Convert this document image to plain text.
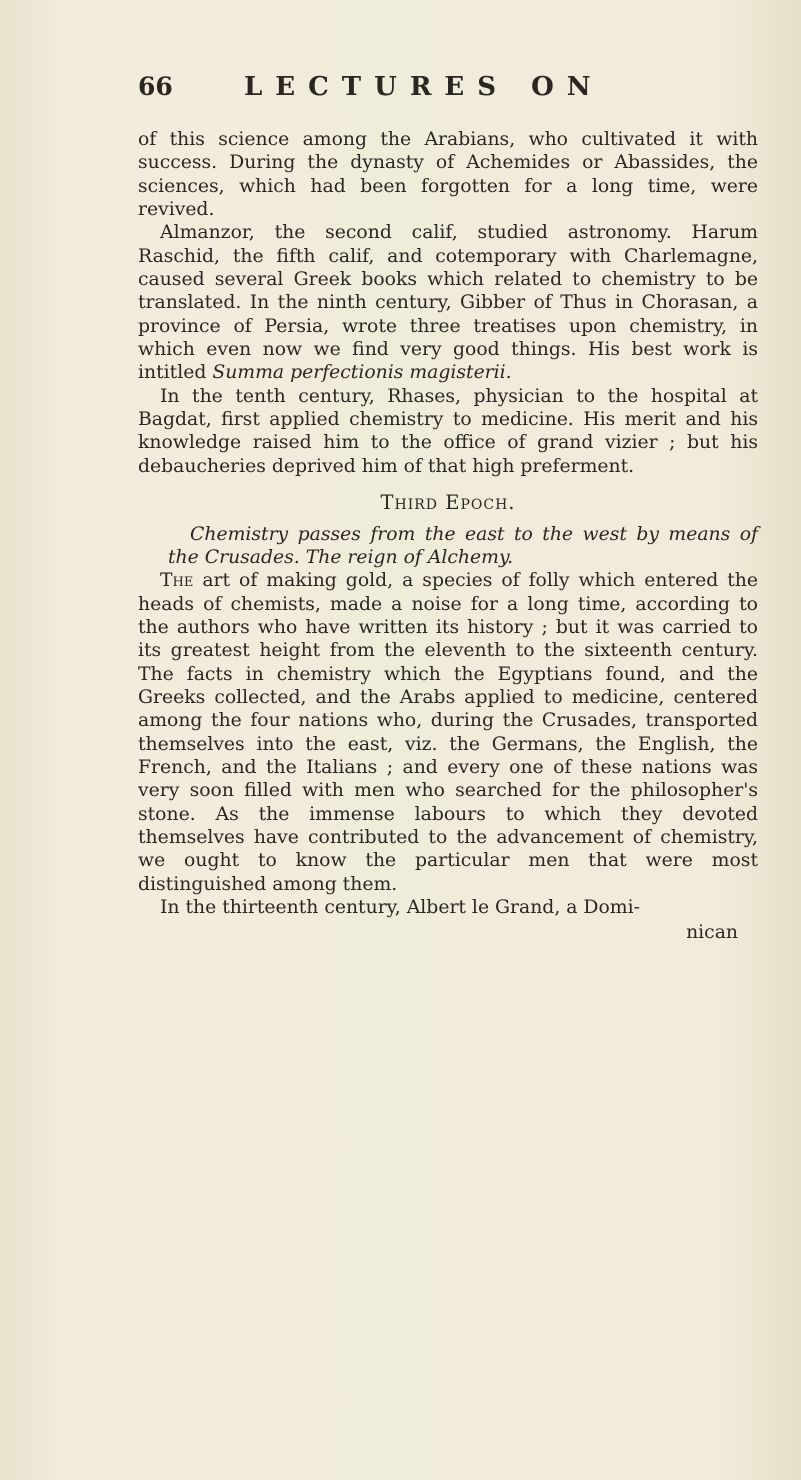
66	LECTURES ON

of this science among the Arabians, who cultivated it with success. During the dynasty of Achemides or Abassides, the sciences, which had been forgotten for a long time, were revived.

Almanzor, the second calif, studied astronomy. Harum Raschid, the fifth calif, and cotemporary with Charlemagne, caused several Greek books which related to chemistry to be translated. In the ninth century, Gibber of Thus in Chorasan, a province of Persia, wrote three treatises upon chemistry, in which even now we find very good things. His best work is intitled Summa perfectionis magisterii.

In the tenth century, Rhases, physician to the hospital at Bagdat, first applied chemistry to medicine. His merit and his knowledge raised him to the office of grand vizier ; but his debaucheries deprived him of that high preferment.

Third Epoch.

Chemistry passes from the east to the west by means of the Crusades. The reign of Alchemy.

The art of making gold, a species of folly which entered the heads of chemists, made a noise for a long time, according to the authors who have written its history ; but it was carried to its greatest height from the eleventh to the sixteenth century. The facts in chemistry which the Egyptians found, and the Greeks collected, and the Arabs applied to medicine, centered among the four nations who, during the Crusades, transported themselves into the east, viz. the Germans, the English, the French, and the Italians ; and every one of these nations was very soon filled with men who searched for the philosopher's stone. As the immense labours to which they devoted themselves have contributed to the advancement of chemistry, we ought to know the particular men that were most distinguished among them.

In the thirteenth century, Albert le Grand, a Domi-

nican
